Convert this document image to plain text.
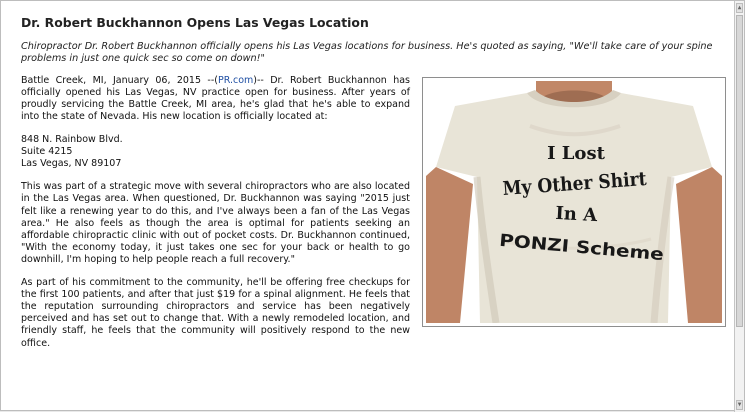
Dr. Robert Buckhannon Opens Las Vegas Location

Chiropractor Dr. Robert Buckhannon officially opens his Las Vegas locations for business. He's quoted as saying, "We'll take care of your spine problems in just one quick sec so come on down!"

I Lost
My Other Shirt
In A
PONZI Scheme

Battle Creek, MI, January 06, 2015 --(PR.com)-- Dr. Robert Buckhannon has officially opened his Las Vegas, NV practice open for business. After years of proudly servicing the Battle Creek, MI area, he's glad that he's able to expand into the state of Nevada. His new location is officially located at:

848 N. Rainbow Blvd.
Suite 4215
Las Vegas, NV 89107

This was part of a strategic move with several chiropractors who are also located in the Las Vegas area. When questioned, Dr. Buckhannon was saying "2015 just felt like a renewing year to do this, and I've always been a fan of the Las Vegas area." He also feels as though the area is optimal for patients seeking an affordable chiropractic clinic with out of pocket costs. Dr. Buckhannon continued, "With the economy today, it just takes one sec for your back or health to go downhill, I'm hoping to help people reach a full recovery."

As part of his commitment to the community, he'll be offering free checkups for the first 100 patients, and after that just $19 for a spinal alignment. He feels that the reputation surrounding chiropractors and service has been negatively perceived and has set out to change that. With a newly remodeled location, and friendly staff, he feels that the community will positively respond to the new office.

▲
▼
